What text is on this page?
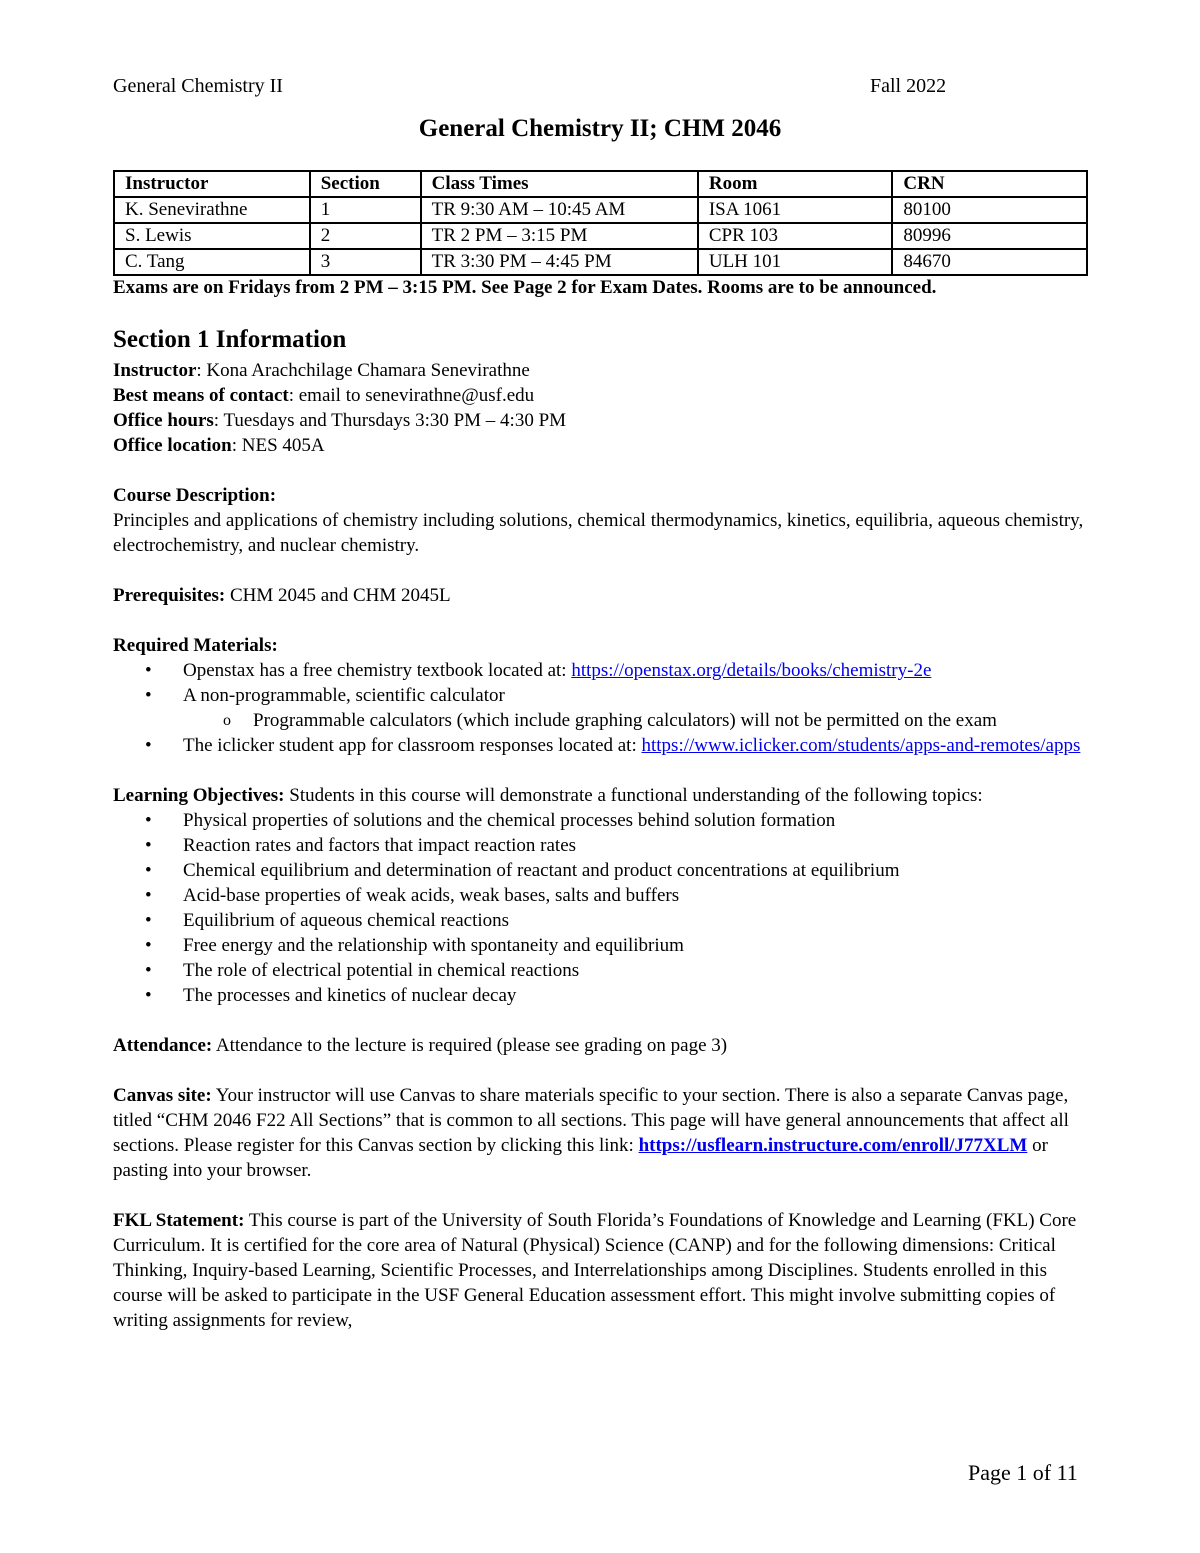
General Chemistry II	Fall 2022
General Chemistry II; CHM 2046
Instructor	Section	Class Times	Room	CRN
K. Senevirathne	1	TR 9:30 AM – 10:45 AM	ISA 1061	80100
S. Lewis	2	TR 2 PM – 3:15 PM	CPR 103	80996
C. Tang	3	TR 3:30 PM – 4:45 PM	ULH 101	84670
Exams are on Fridays from 2 PM – 3:15 PM. See Page 2 for Exam Dates. Rooms are to be announced.
Section 1 Information

Instructor: Kona Arachchilage Chamara Senevirathne

Best means of contact: email to senevirathne@usf.edu

Office hours: Tuesdays and Thursdays 3:30 PM – 4:30 PM

Office location: NES 405A

Course Description:

Principles and applications of chemistry including solutions, chemical thermodynamics, kinetics, equilibria, aqueous chemistry, electrochemistry, and nuclear chemistry.

Prerequisites: CHM 2045 and CHM 2045L

Required Materials:

• Openstax has a free chemistry textbook located at: https://openstax.org/details/books/chemistry-2e
• A non-programmable, scientific calculator
o Programmable calculators (which include graphing calculators) will not be permitted on the exam
• The iclicker student app for classroom responses located at: https://www.iclicker.com/students/apps-and-remotes/apps

Learning Objectives: Students in this course will demonstrate a functional understanding of the following topics:

• Physical properties of solutions and the chemical processes behind solution formation
• Reaction rates and factors that impact reaction rates
• Chemical equilibrium and determination of reactant and product concentrations at equilibrium
• Acid-base properties of weak acids, weak bases, salts and buffers
• Equilibrium of aqueous chemical reactions
• Free energy and the relationship with spontaneity and equilibrium
• The role of electrical potential in chemical reactions
• The processes and kinetics of nuclear decay

Attendance: Attendance to the lecture is required (please see grading on page 3)

Canvas site: Your instructor will use Canvas to share materials specific to your section. There is also a separate Canvas page, titled “CHM 2046 F22 All Sections” that is common to all sections. This page will have general announcements that affect all sections. Please register for this Canvas section by clicking this link: https://usflearn.instructure.com/enroll/J77XLM or pasting into your browser.

FKL Statement: This course is part of the University of South Florida’s Foundations of Knowledge and Learning (FKL) Core Curriculum. It is certified for the core area of Natural (Physical) Science (CANP) and for the following dimensions: Critical Thinking, Inquiry-based Learning, Scientific Processes, and Interrelationships among Disciplines. Students enrolled in this course will be asked to participate in the USF General Education assessment effort. This might involve submitting copies of writing assignments for review,

Page 1 of 11
